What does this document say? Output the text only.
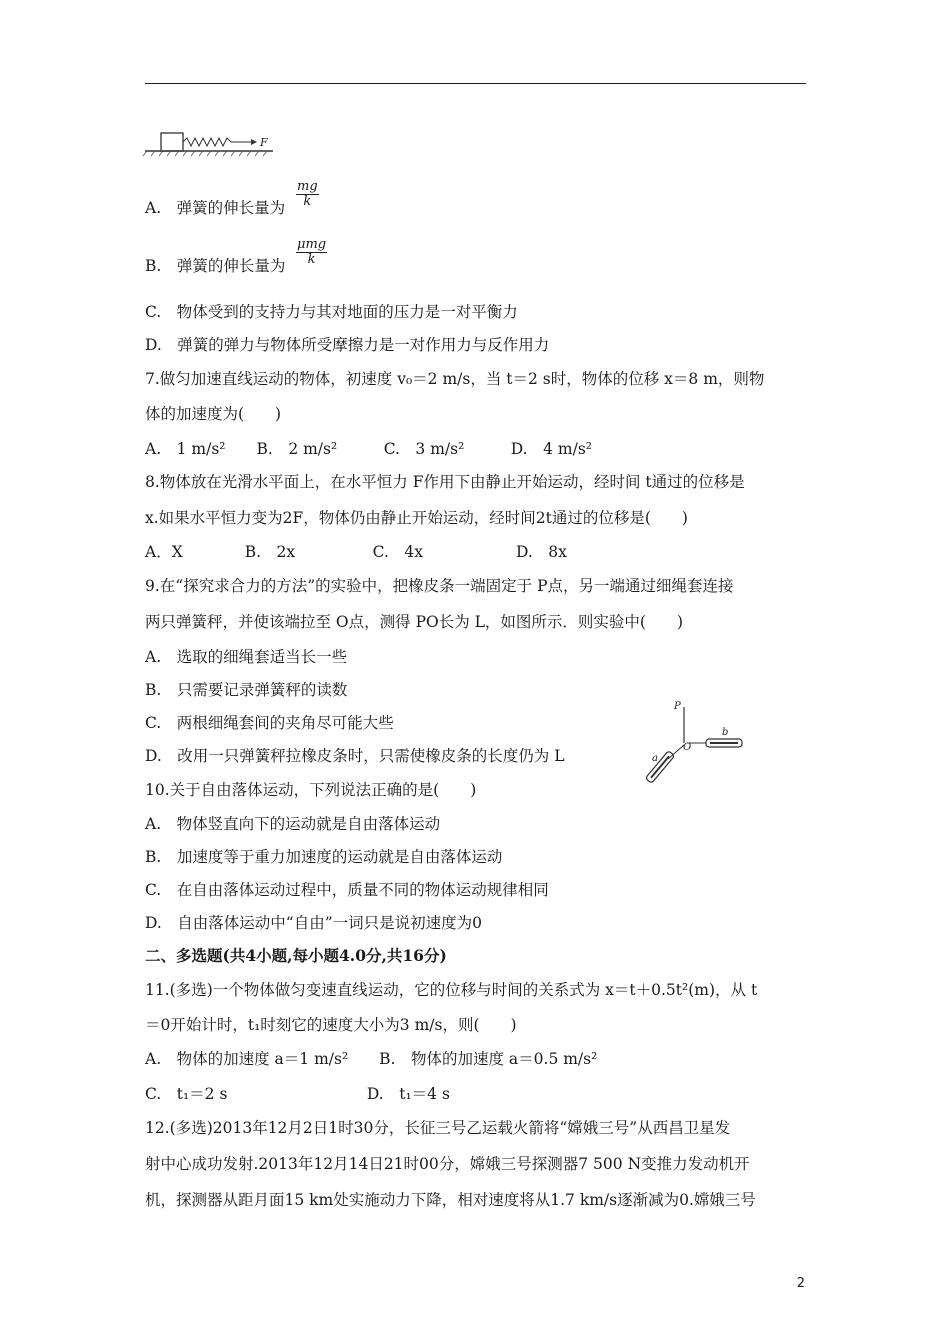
F
A.　弹簧的伸长量为
mg
k
B.　弹簧的伸长量为
μmg
k
C.　物体受到的支持力与其对地面的压力是一对平衡力
D.　弹簧的弹力与物体所受摩擦力是一对作用力与反作用力
7.做匀加速直线运动的物体，初速度 v₀＝2 m/s，当 t＝2 s时，物体的位移 x＝8 m，则物
体的加速度为(　　)
A.　1 m/s²　　B.　2 m/s²　　　C.　3 m/s²　　　D.　4 m/s²
8.物体放在光滑水平面上，在水平恒力 F作用下由静止开始运动，经时间 t通过的位移是
x.如果水平恒力变为2F，物体仍由静止开始运动，经时间2t通过的位移是(　　)
A．X　　　　B.　2x　　　　　C.　4x　　　　　　D.　8x
9.在“探究求合力的方法”的实验中，把橡皮条一端固定于 P点，另一端通过细绳套连接
两只弹簧秤，并使该端拉至 O点，测得 PO长为 L，如图所示．则实验中(　　)
A.　选取的细绳套适当长一些
B.　只需要记录弹簧秤的读数
C.　两根细绳套间的夹角尽可能大些
D.　改用一只弹簧秤拉橡皮条时，只需使橡皮条的长度仍为 L
P
O
b
a
10.关于自由落体运动，下列说法正确的是(　　)
A.　物体竖直向下的运动就是自由落体运动
B.　加速度等于重力加速度的运动就是自由落体运动
C.　在自由落体运动过程中，质量不同的物体运动规律相同
D.　自由落体运动中“自由”一词只是说初速度为0
二、多选题(共4小题,每小题4.0分,共16分)
11.(多选)一个物体做匀变速直线运动，它的位移与时间的关系式为 x＝t＋0.5t²(m)，从 t
＝0开始计时，t₁时刻它的速度大小为3 m/s，则(　　)
A.　物体的加速度 a＝1 m/s²　　B.　物体的加速度 a＝0.5 m/s²
C.　t₁＝2 s　　　　　　　　　D.　t₁＝4 s
12.(多选)2013年12月2日1时30分，长征三号乙运载火箭将“嫦娥三号”从西昌卫星发
射中心成功发射.2013年12月14日21时00分，嫦娥三号探测器7 500 N变推力发动机开
机，探测器从距月面15 km处实施动力下降，相对速度将从1.7 km/s逐渐减为0.嫦娥三号
2
